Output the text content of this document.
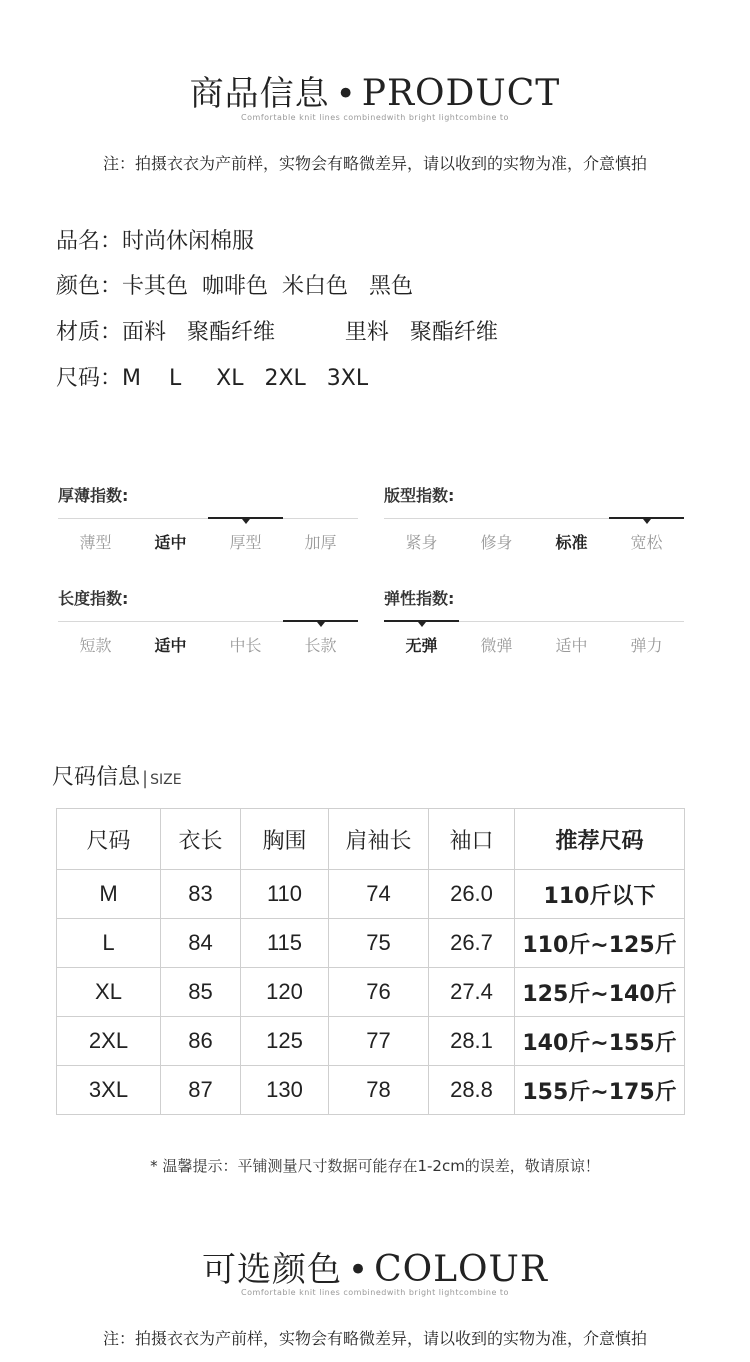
商品信息 • PRODUCT
Comfortable knit lines combinedwith bright lightcombine to
注：拍摄衣衣为产前样，实物会有略微差异，请以收到的实物为准，介意慎拍
品名：时尚休闲棉服
颜色：卡其色  咖啡色  米白色   黑色
材质：面料   聚酯纤维          里料   聚酯纤维
尺码：M    L     XL   2XL   3XL
厚薄指数:
薄型	适中	厚型	加厚
版型指数:
紧身	修身	标准	宽松
长度指数:
短款	适中	中长	长款
弹性指数:
无弹	微弹	适中	弹力
尺码信息 | SIZE
尺码	衣长	胸围	肩袖长	袖口	推荐尺码
M	83	110	74	26.0	110斤以下
L	84	115	75	26.7	110斤~125斤
XL	85	120	76	27.4	125斤~140斤
2XL	86	125	77	28.1	140斤~155斤
3XL	87	130	78	28.8	155斤~175斤
* 温馨提示：平铺测量尺寸数据可能存在1-2cm的误差，敬请原谅！
可选颜色 • COLOUR
Comfortable knit lines combinedwith bright lightcombine to
注：拍摄衣衣为产前样，实物会有略微差异，请以收到的实物为准，介意慎拍
